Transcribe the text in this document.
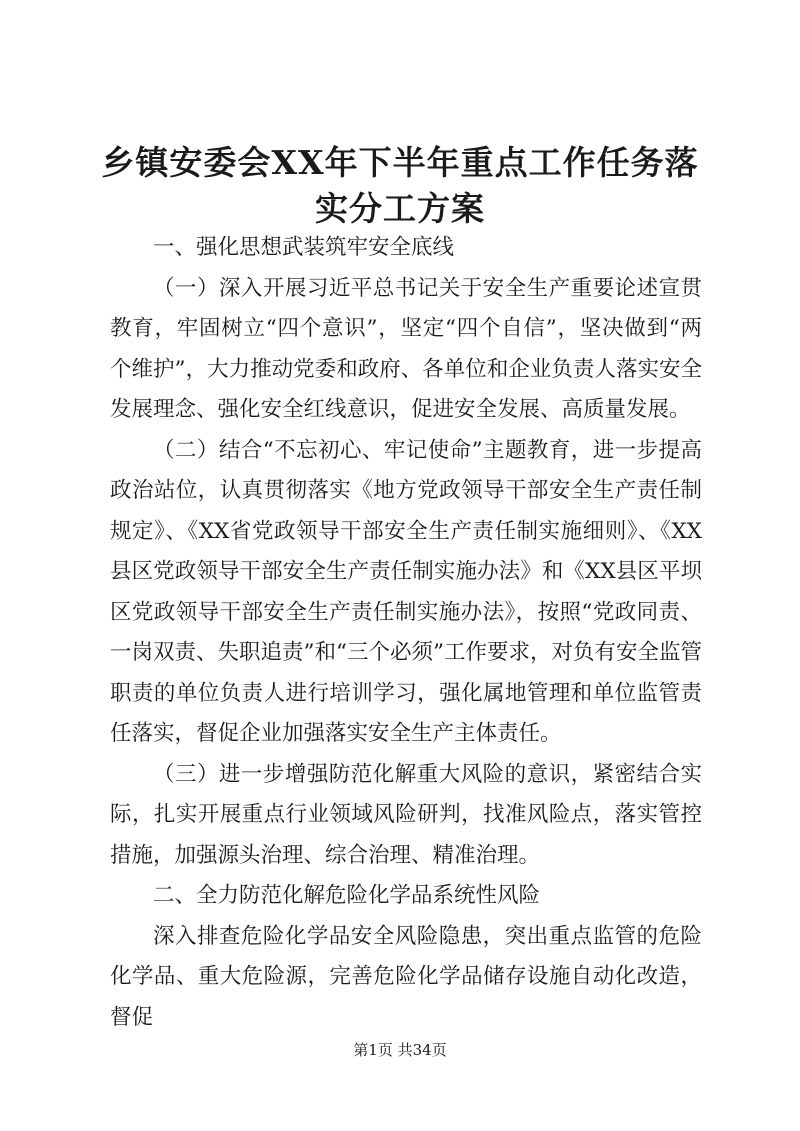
乡镇安委会XX年下半年重点工作任务落实分工方案

一、强化思想武装筑牢安全底线

（一）深入开展习近平总书记关于安全生产重要论述宣贯教育，牢固树立“四个意识”，坚定“四个自信”，坚决做到“两个维护”，大力推动党委和政府、各单位和企业负责人落实安全发展理念、强化安全红线意识，促进安全发展、高质量发展。

（二）结合“不忘初心、牢记使命”主题教育，进一步提高政治站位，认真贯彻落实《地方党政领导干部安全生产责任制规定》、《XX省党政领导干部安全生产责任制实施细则》、《XX县区党政领导干部安全生产责任制实施办法》和《XX县区平坝区党政领导干部安全生产责任制实施办法》，按照“党政同责、一岗双责、失职追责”和“三个必须”工作要求，对负有安全监管职责的单位负责人进行培训学习，强化属地管理和单位监管责任落实，督促企业加强落实安全生产主体责任。

（三）进一步增强防范化解重大风险的意识，紧密结合实际，扎实开展重点行业领域风险研判，找准风险点，落实管控措施，加强源头治理、综合治理、精准治理。

二、全力防范化解危险化学品系统性风险

深入排查危险化学品安全风险隐患，突出重点监管的危险化学品、重大危险源，完善危险化学品储存设施自动化改造，督促

第1页 共34页
